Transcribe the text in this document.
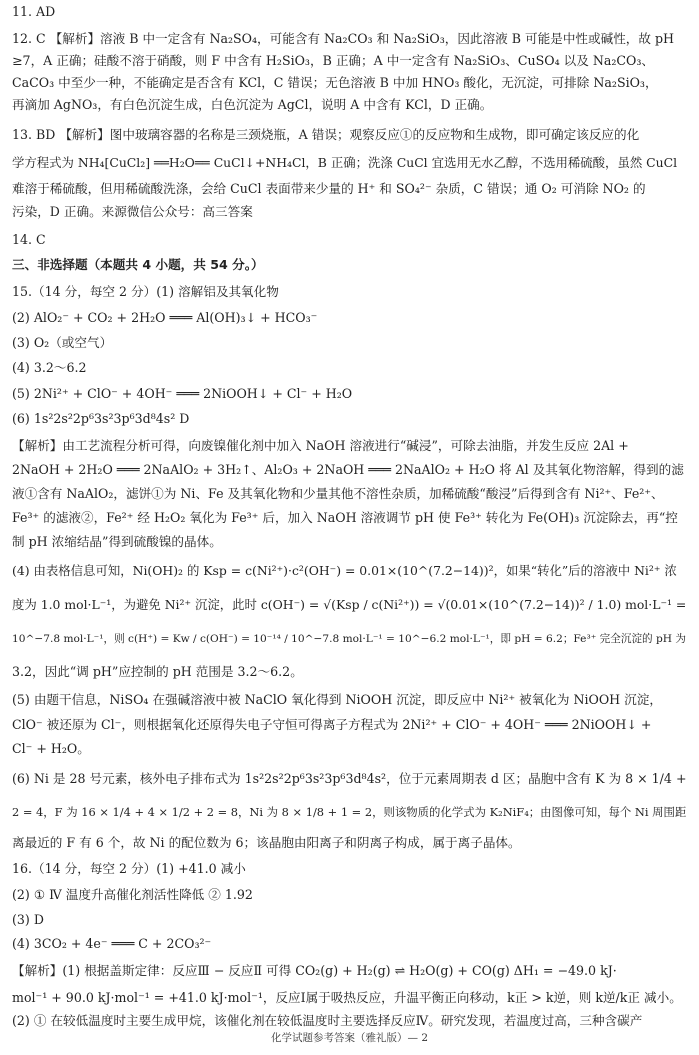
11. AD
12. C 【解析】溶液 B 中一定含有 Na₂SO₄，可能含有 Na₂CO₃ 和 Na₂SiO₃，因此溶液 B 可能是中性或碱性，故 pH
≥7，A 正确；硅酸不溶于硝酸，则 F 中含有 H₂SiO₃，B 正确；A 中一定含有 Na₂SiO₃、CuSO₄ 以及 Na₂CO₃、
CaCO₃ 中至少一种，不能确定是否含有 KCl，C 错误；无色溶液 B 中加 HNO₃ 酸化，无沉淀，可排除 Na₂SiO₃，
再滴加 AgNO₃，有白色沉淀生成，白色沉淀为 AgCl，说明 A 中含有 KCl，D 正确。
13. BD 【解析】图中玻璃容器的名称是三颈烧瓶，A 错误；观察反应①的反应物和生成物，即可确定该反应的化
学方程式为 NH₄[CuCl₂] ══H₂O══ CuCl↓+NH₄Cl，B 正确；洗涤 CuCl 宜选用无水乙醇，不选用稀硫酸，虽然 CuCl
难溶于稀硫酸，但用稀硫酸洗涤，会给 CuCl 表面带来少量的 H⁺ 和 SO₄²⁻ 杂质，C 错误；通 O₂ 可消除 NO₂ 的
污染，D 正确。来源微信公众号：高三答案
14. C
三、非选择题（本题共 4 小题，共 54 分。）
15.（14 分，每空 2 分）(1) 溶解铝及其氧化物
(2) AlO₂⁻ + CO₂ + 2H₂O ═══ Al(OH)₃↓ + HCO₃⁻
(3) O₂（或空气）
(4) 3.2～6.2
(5) 2Ni²⁺ + ClO⁻ + 4OH⁻ ═══ 2NiOOH↓ + Cl⁻ + H₂O
(6) 1s²2s²2p⁶3s²3p⁶3d⁸4s² D
【解析】由工艺流程分析可得，向废镍催化剂中加入 NaOH 溶液进行“碱浸”，可除去油脂，并发生反应 2Al +
2NaOH + 2H₂O ═══ 2NaAlO₂ + 3H₂↑、Al₂O₃ + 2NaOH ═══ 2NaAlO₂ + H₂O 将 Al 及其氧化物溶解，得到的滤
液①含有 NaAlO₂，滤饼①为 Ni、Fe 及其氧化物和少量其他不溶性杂质，加稀硫酸“酸浸”后得到含有 Ni²⁺、Fe²⁺、
Fe³⁺ 的滤液②，Fe²⁺ 经 H₂O₂ 氧化为 Fe³⁺ 后，加入 NaOH 溶液调节 pH 使 Fe³⁺ 转化为 Fe(OH)₃ 沉淀除去，再“控
制 pH 浓缩结晶”得到硫酸镍的晶体。
(4) 由表格信息可知，Ni(OH)₂ 的 Ksp = c(Ni²⁺)·c²(OH⁻) = 0.01×(10^(7.2−14))²，如果“转化”后的溶液中 Ni²⁺ 浓
度为 1.0 mol·L⁻¹，为避免 Ni²⁺ 沉淀，此时 c(OH⁻) = √(Ksp / c(Ni²⁺)) = √(0.01×(10^(7.2−14))² / 1.0) mol·L⁻¹ =
10^−7.8 mol·L⁻¹，则 c(H⁺) = Kw / c(OH⁻) = 10⁻¹⁴ / 10^−7.8 mol·L⁻¹ = 10^−6.2 mol·L⁻¹，即 pH = 6.2；Fe³⁺ 完全沉淀的 pH 为
3.2，因此“调 pH”应控制的 pH 范围是 3.2～6.2。
(5) 由题干信息，NiSO₄ 在强碱溶液中被 NaClO 氧化得到 NiOOH 沉淀，即反应中 Ni²⁺ 被氧化为 NiOOH 沉淀，
ClO⁻ 被还原为 Cl⁻，则根据氧化还原得失电子守恒可得离子方程式为 2Ni²⁺ + ClO⁻ + 4OH⁻ ═══ 2NiOOH↓ +
Cl⁻ + H₂O。
(6) Ni 是 28 号元素，核外电子排布式为 1s²2s²2p⁶3s²3p⁶3d⁸4s²，位于元素周期表 d 区；晶胞中含有 K 为 8 × 1/4 +
2 = 4，F 为 16 × 1/4 + 4 × 1/2 + 2 = 8，Ni 为 8 × 1/8 + 1 = 2，则该物质的化学式为 K₂NiF₄；由图像可知，每个 Ni 周围距
离最近的 F 有 6 个，故 Ni 的配位数为 6；该晶胞由阳离子和阴离子构成，属于离子晶体。
16.（14 分，每空 2 分）(1) +41.0 减小
(2) ① Ⅳ 温度升高催化剂活性降低 ② 1.92
(3) D
(4) 3CO₂ + 4e⁻ ═══ C + 2CO₃²⁻
【解析】(1) 根据盖斯定律：反应Ⅲ − 反应Ⅱ 可得 CO₂(g) + H₂(g) ⇌ H₂O(g) + CO(g) ΔH₁ = −49.0 kJ·
mol⁻¹ + 90.0 kJ·mol⁻¹ = +41.0 kJ·mol⁻¹，反应Ⅰ属于吸热反应，升温平衡正向移动，k正 > k逆，则 k逆/k正 减小。
(2) ① 在较低温度时主要生成甲烷，该催化剂在较低温度时主要选择反应Ⅳ。研究发现，若温度过高，三种含碳产
化学试题参考答案（雅礼版）— 2
